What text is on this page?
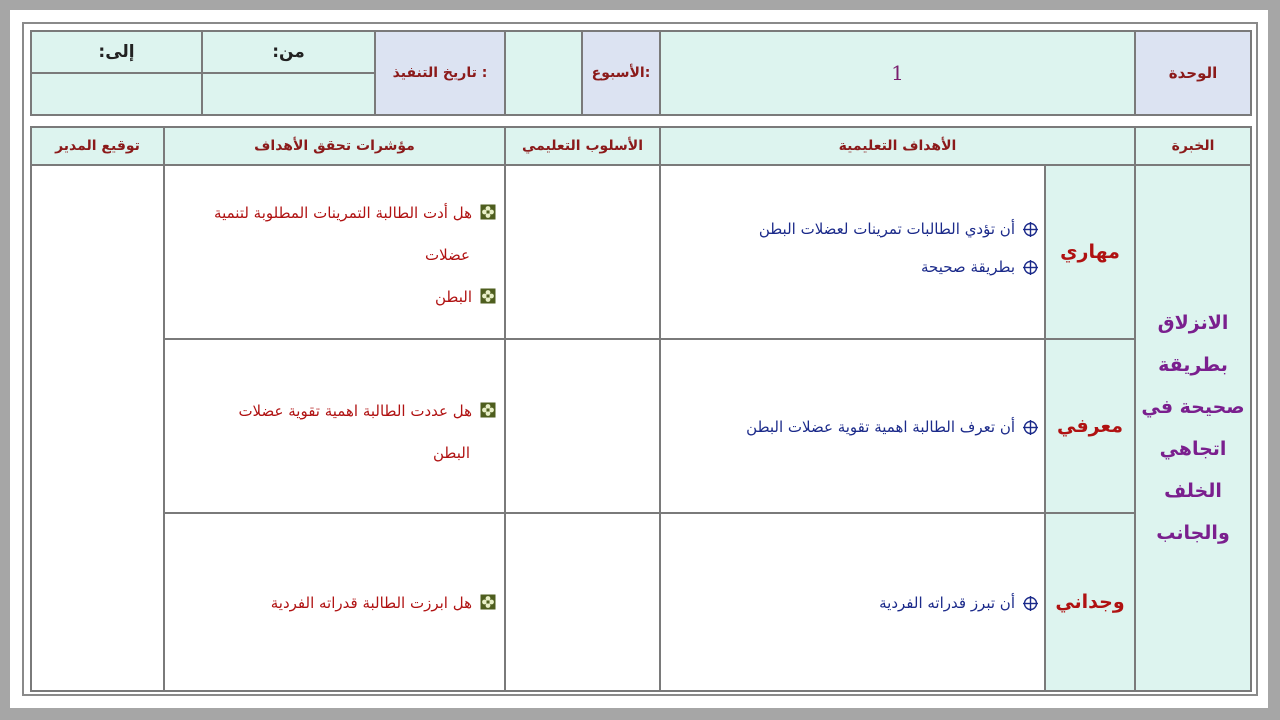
الوحدة
1
الأسبوع:
تاريخ التنفيذ :
من:
إلى:
الخبرة
الأهداف التعليمية
الأسلوب التعليمي
مؤشرات تحقق الأهداف
توقيع المدير
الانزلاق
بطريقة
صحيحة في
اتجاهي
الخلف
والجانب
مهاري
معرفي
وجداني
أن تؤدي الطالبات تمرينات لعضلات البطن
بطريقة صحيحة
أن تعرف الطالبة اهمية تقوية عضلات البطن
أن تبرز قدراته الفردية
هل أدت الطالبة التمرينات المطلوبة لتنمية
عضلات
البطن
هل عددت الطالبة اهمية تقوية عضلات
البطن
هل ابرزت الطالبة قدراته الفردية
